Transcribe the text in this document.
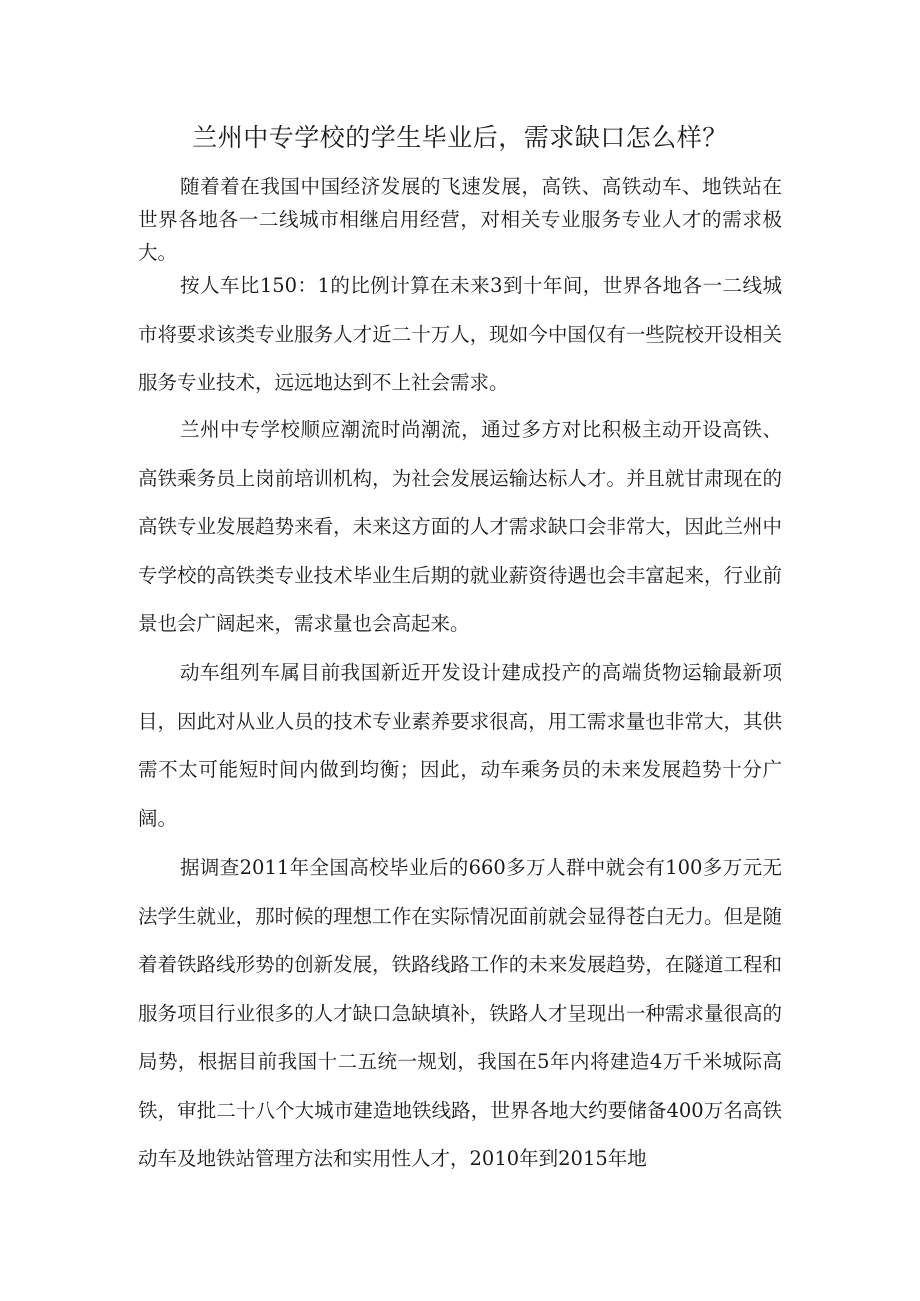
兰州中专学校的学生毕业后，需求缺口怎么样？

随着着在我国中国经济发展的飞速发展，高铁、高铁动车、地铁站在世界各地各一二线城市相继启用经营，对相关专业服务专业人才的需求极大。

按人车比150：1的比例计算在未来3到十年间，世界各地各一二线城市将要求该类专业服务人才近二十万人，现如今中国仅有一些院校开设相关服务专业技术，远远地达到不上社会需求。

兰州中专学校顺应潮流时尚潮流，通过多方对比积极主动开设高铁、高铁乘务员上岗前培训机构，为社会发展运输达标人才。并且就甘肃现在的高铁专业发展趋势来看，未来这方面的人才需求缺口会非常大，因此兰州中专学校的高铁类专业技术毕业生后期的就业薪资待遇也会丰富起来，行业前景也会广阔起来，需求量也会高起来。

动车组列车属目前我国新近开发设计建成投产的高端货物运输最新项目，因此对从业人员的技术专业素养要求很高，用工需求量也非常大，其供需不太可能短时间内做到均衡；因此，动车乘务员的未来发展趋势十分广阔。

据调查2011年全国高校毕业后的660多万人群中就会有100多万元无法学生就业，那时候的理想工作在实际情况面前就会显得苍白无力。但是随着着铁路线形势的创新发展，铁路线路工作的未来发展趋势，在隧道工程和服务项目行业很多的人才缺口急缺填补，铁路人才呈现出一种需求量很高的局势，根据目前我国十二五统一规划，我国在5年内将建造4万千米城际高铁，审批二十八个大城市建造地铁线路，世界各地大约要储备400万名高铁动车及地铁站管理方法和实用性人才，2010年到2015年地
